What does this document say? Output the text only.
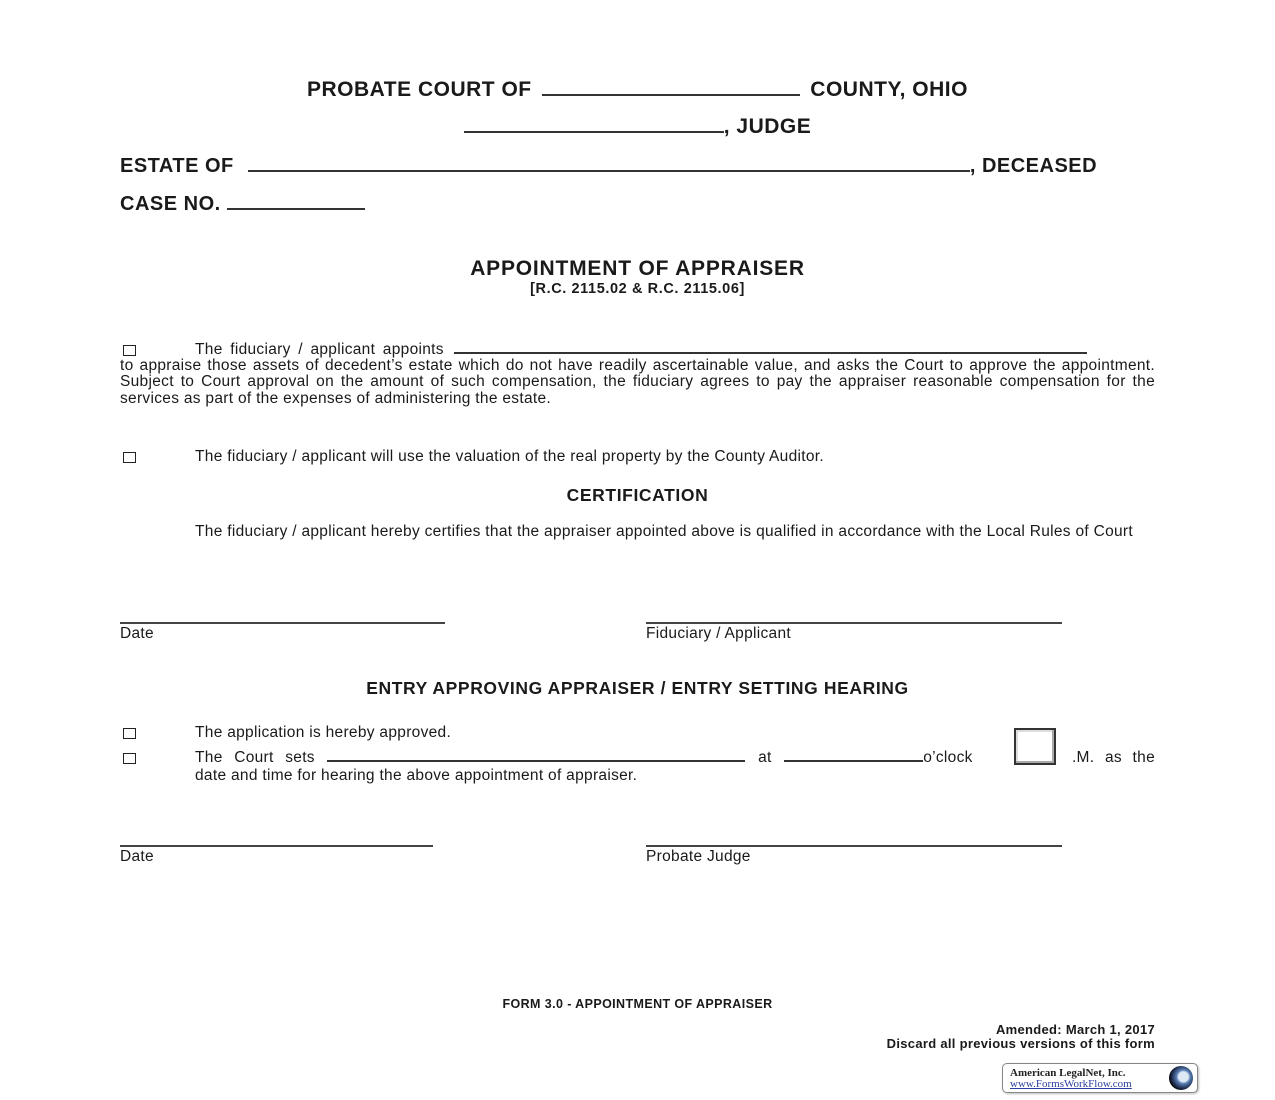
PROBATE COURT OF	COUNTY, OHIO
, JUDGE
ESTATE OF	, DECEASED
CASE NO.
APPOINTMENT OF APPRAISER
[R.C. 2115.02 & R.C. 2115.06]
The fiduciary / applicant appoints
to appraise those assets of decedent’s estate which do not have readily ascertainable value, and asks the Court to approve the appointment. Subject to Court approval on the amount of such compensation, the fiduciary agrees to pay the appraiser reasonable compensation for the services as part of the expenses of administering the estate.
The fiduciary / applicant will use the valuation of the real property by the County Auditor.
CERTIFICATION
The fiduciary / applicant hereby certifies that the appraiser appointed above is qualified in accordance with the Local Rules of Court
Date	Fiduciary / Applicant
ENTRY APPROVING APPRAISER / ENTRY SETTING HEARING
The application is hereby approved.
The Court sets	at	o’clock	.M. as the
date and time for hearing the above appointment of appraiser.
Date	Probate Judge
FORM 3.0 - APPOINTMENT OF APPRAISER
Amended: March 1, 2017
Discard all previous versions of this form
American LegalNet, Inc.
www.FormsWorkFlow.com
